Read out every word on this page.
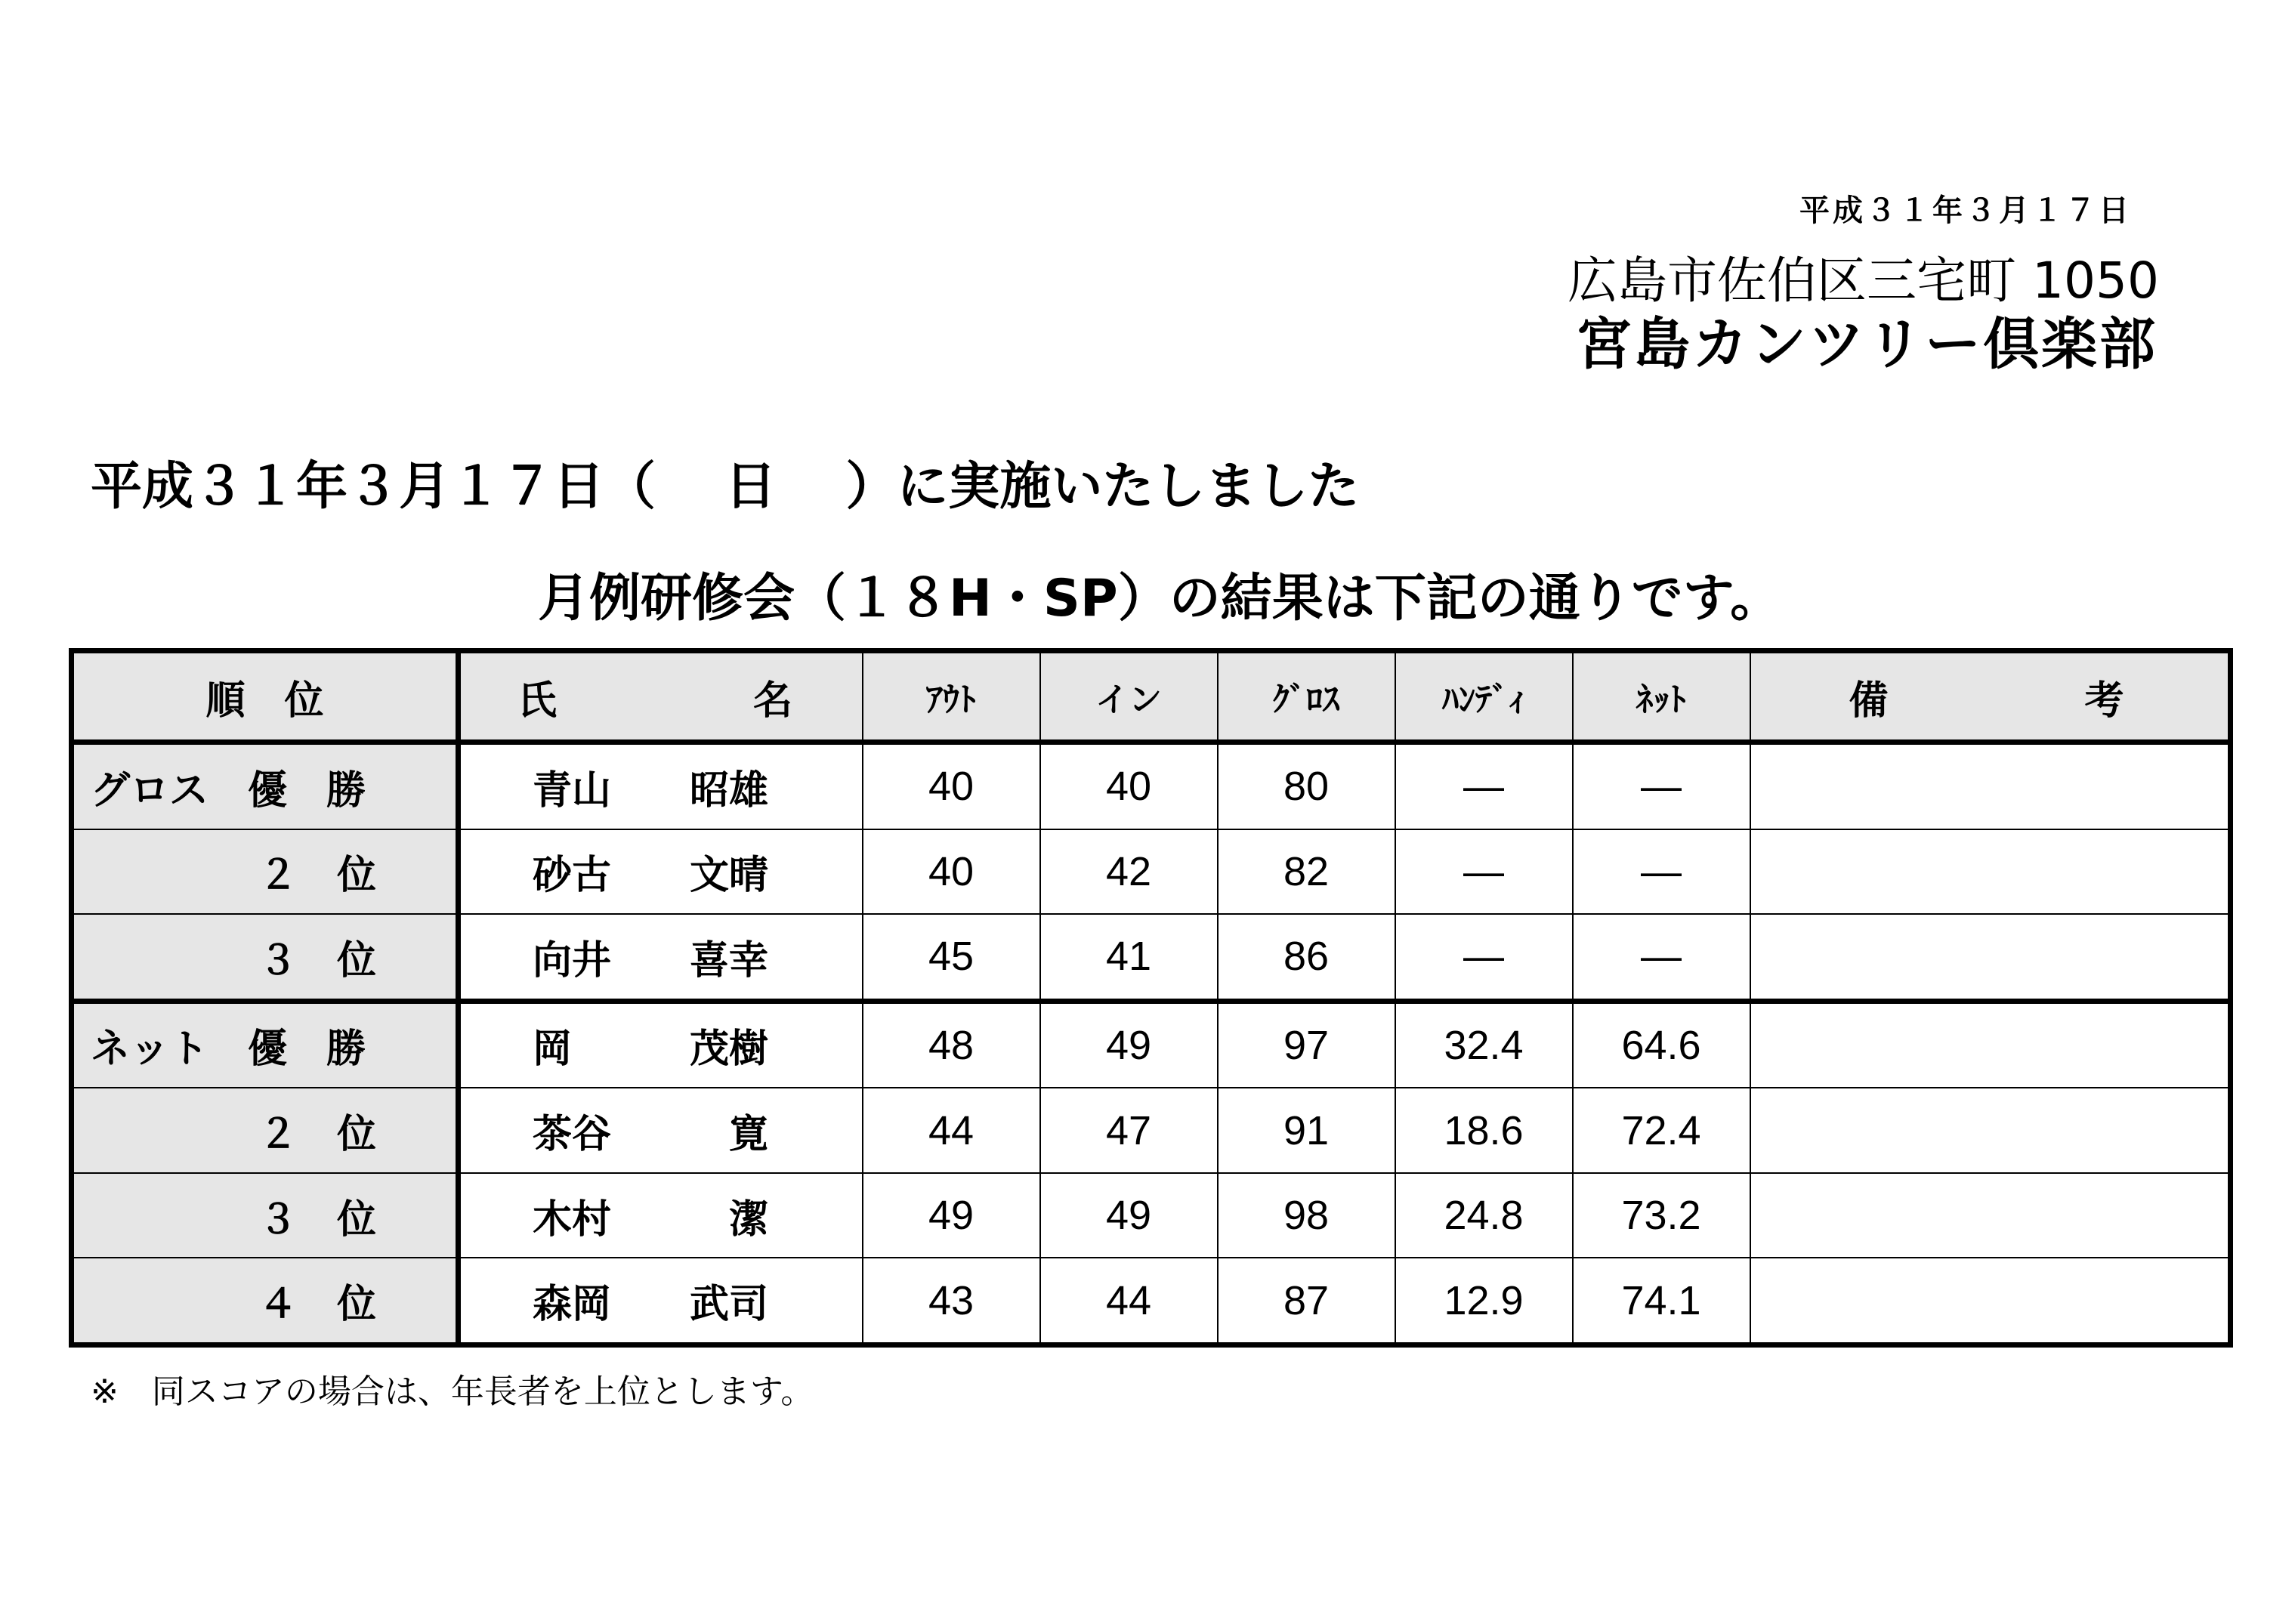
平成３１年３月１７日
広島市佐伯区三宅町 1050
宮島カンツリー倶楽部
平成３１年３月１７日（　 日 　）に実施いたしました
月例研修会（１８H・SP）の結果は下記の通りです。
順　位	氏　　　　　名	ｱｳﾄ	イン	ｸﾞﾛｽ	ﾊﾝﾃﾞｨ	ﾈｯﾄ	備　　　　　考
グロス　優　勝	青山　　昭雄	40	40	80	—	—	
２　位	砂古　　文晴	40	42	82	—	—	
３　位	向井　　喜幸	45	41	86	—	—	
ネット　優　勝	岡　　　茂樹	48	49	97	32.4	64.6	
２　位	茶谷　　　寛	44	47	91	18.6	72.4	
３　位	木村　　　潔	49	49	98	24.8	73.2	
４　位	森岡　　武司	43	44	87	12.9	74.1	
※　同スコアの場合は、年長者を上位とします。
